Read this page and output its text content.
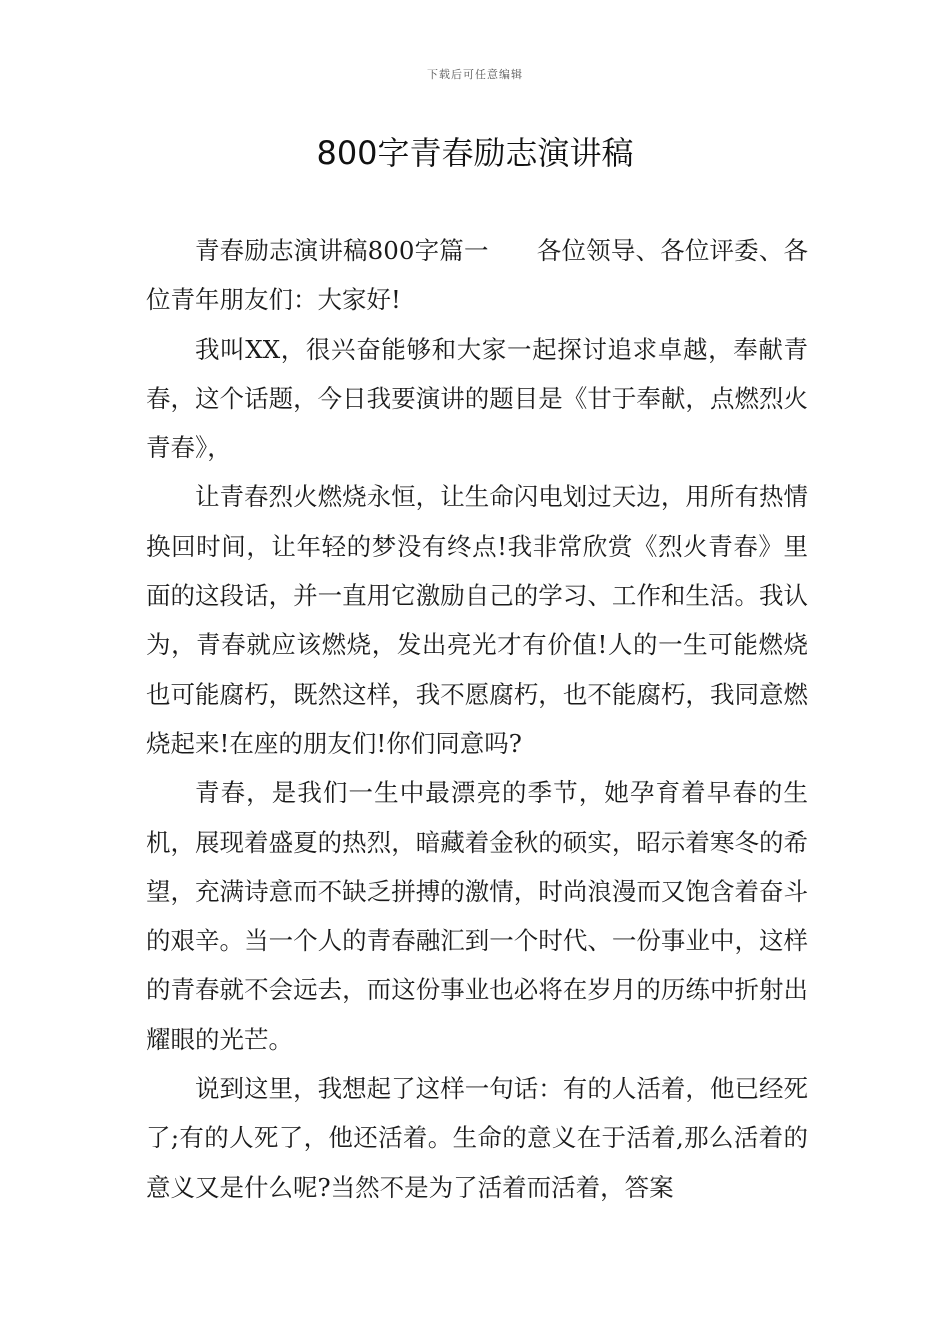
下载后可任意编辑
800字青春励志演讲稿

青春励志演讲稿800字篇一 各位领导、各位评委、各位青年朋友们：大家好!

我叫XX，很兴奋能够和大家一起探讨追求卓越，奉献青春，这个话题，今日我要演讲的题目是《甘于奉献，点燃烈火青春》，

让青春烈火燃烧永恒，让生命闪电划过天边，用所有热情换回时间，让年轻的梦没有终点!我非常欣赏《烈火青春》里面的这段话，并一直用它激励自己的学习、工作和生活。我认为，青春就应该燃烧，发出亮光才有价值!人的一生可能燃烧也可能腐朽，既然这样，我不愿腐朽，也不能腐朽，我同意燃烧起来!在座的朋友们!你们同意吗?

青春，是我们一生中最漂亮的季节，她孕育着早春的生机，展现着盛夏的热烈，暗藏着金秋的硕实，昭示着寒冬的希望，充满诗意而不缺乏拼搏的激情，时尚浪漫而又饱含着奋斗的艰辛。当一个人的青春融汇到一个时代、一份事业中，这样的青春就不会远去，而这份事业也必将在岁月的历练中折射出耀眼的光芒。

说到这里，我想起了这样一句话：有的人活着，他已经死了;有的人死了，他还活着。生命的意义在于活着,那么活着的意义又是什么呢?当然不是为了活着而活着，答案
